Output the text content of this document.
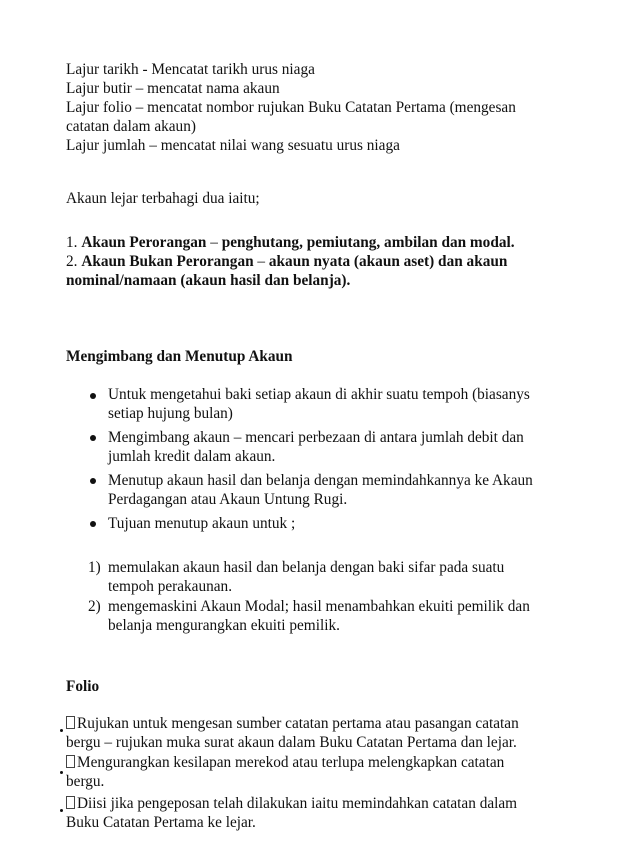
Lajur tarikh - Mencatat tarikh urus niaga
Lajur butir – mencatat nama akaun
Lajur folio – mencatat nombor rujukan Buku Catatan Pertama (mengesan
catatan dalam akaun)
Lajur jumlah – mencatat nilai wang sesuatu urus niaga
Akaun lejar terbahagi dua iaitu;
1. Akaun Perorangan – penghutang, pemiutang, ambilan dan modal.
2. Akaun Bukan Perorangan – akaun nyata (akaun aset) dan akaun
nominal/namaan (akaun hasil dan belanja).
Mengimbang dan Menutup Akaun
Untuk mengetahui baki setiap akaun di akhir suatu tempoh (biasanys
setiap hujung bulan)
Mengimbang akaun – mencari perbezaan di antara jumlah debit dan
jumlah kredit dalam akaun.
Menutup akaun hasil dan belanja dengan memindahkannya ke Akaun
Perdagangan atau Akaun Untung Rugi.
Tujuan menutup akaun untuk ;
1) memulakan akaun hasil dan belanja dengan baki sifar pada suatu
tempoh perakaunan.
2) mengemaskini Akaun Modal; hasil menambahkan ekuiti pemilik dan
belanja mengurangkan ekuiti pemilik.
Folio
Rujukan untuk mengesan sumber catatan pertama atau pasangan catatan
bergu – rujukan muka surat akaun dalam Buku Catatan Pertama dan lejar.
Mengurangkan kesilapan merekod atau terlupa melengkapkan catatan
bergu.
Diisi jika pengeposan telah dilakukan iaitu memindahkan catatan dalam
Buku Catatan Pertama ke lejar.
